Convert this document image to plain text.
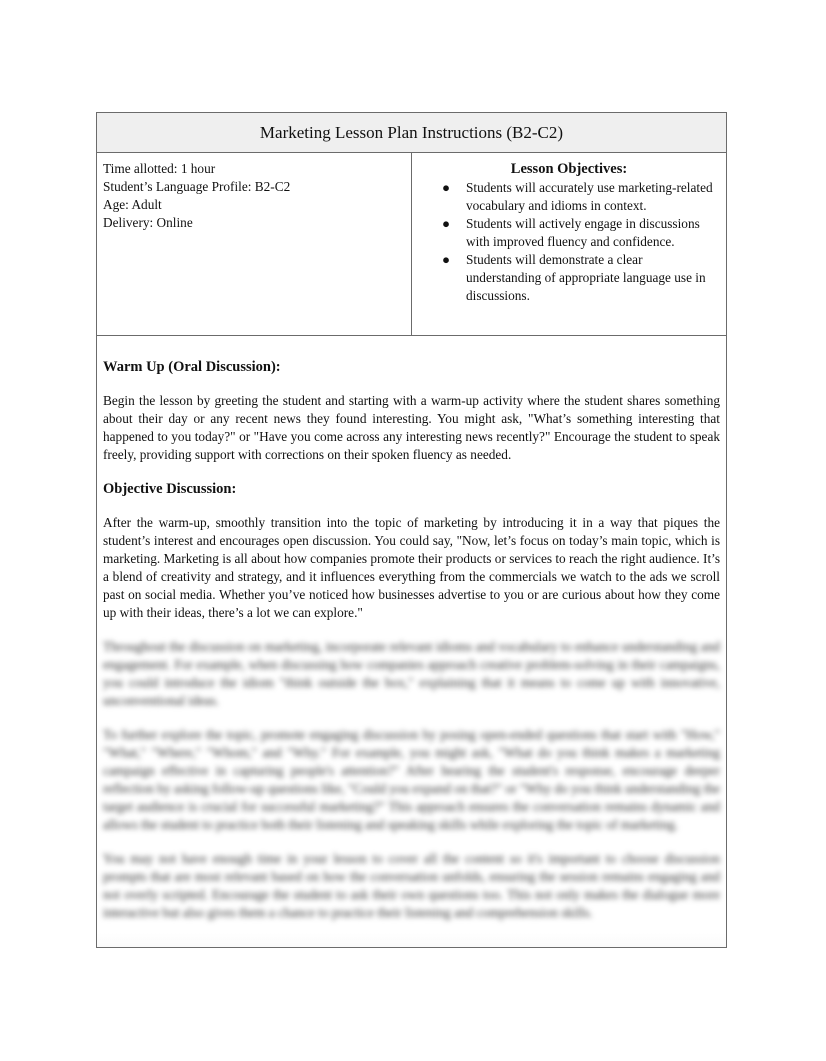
Marketing Lesson Plan Instructions (B2-C2)
Time allotted: 1 hour
Student’s Language Profile: B2-C2
Age: Adult
Delivery: Online
Lesson Objectives:
●	Students will accurately use marketing-related vocabulary and idioms in context.
●	Students will actively engage in discussions with improved fluency and confidence.
●	Students will demonstrate a clear understanding of appropriate language use in discussions.
Warm Up (Oral Discussion):

Begin the lesson by greeting the student and starting with a warm-up activity where the student shares something about their day or any recent news they found interesting. You might ask, "What’s something interesting that happened to you today?" or "Have you come across any interesting news recently?" Encourage the student to speak freely, providing support with corrections on their spoken fluency as needed.

Objective Discussion:

After the warm-up, smoothly transition into the topic of marketing by introducing it in a way that piques the student’s interest and encourages open discussion. You could say, "Now, let’s focus on today’s main topic, which is marketing. Marketing is all about how companies promote their products or services to reach the right audience. It’s a blend of creativity and strategy, and it influences everything from the commercials we watch to the ads we scroll past on social media. Whether you’ve noticed how businesses advertise to you or are curious about how they come up with their ideas, there’s a lot we can explore."

Throughout the discussion on marketing, incorporate relevant idioms and vocabulary to enhance understanding and engagement. For example, when discussing how companies approach creative problem-solving in their campaigns, you could introduce the idiom "think outside the box," explaining that it means to come up with innovative, unconventional ideas.

To further explore the topic, promote engaging discussion by posing open-ended questions that start with "How," "What," "Where," "Whom," and "Why." For example, you might ask, "What do you think makes a marketing campaign effective in capturing people's attention?" After hearing the student's response, encourage deeper reflection by asking follow-up questions like, "Could you expand on that?" or "Why do you think understanding the target audience is crucial for successful marketing?" This approach ensures the conversation remains dynamic and allows the student to practice both their listening and speaking skills while exploring the topic of marketing.

You may not have enough time in your lesson to cover all the content so it's important to choose discussion prompts that are most relevant based on how the conversation unfolds, ensuring the session remains engaging and not overly scripted. Encourage the student to ask their own questions too. This not only makes the dialogue more interactive but also gives them a chance to practice their listening and comprehension skills.
